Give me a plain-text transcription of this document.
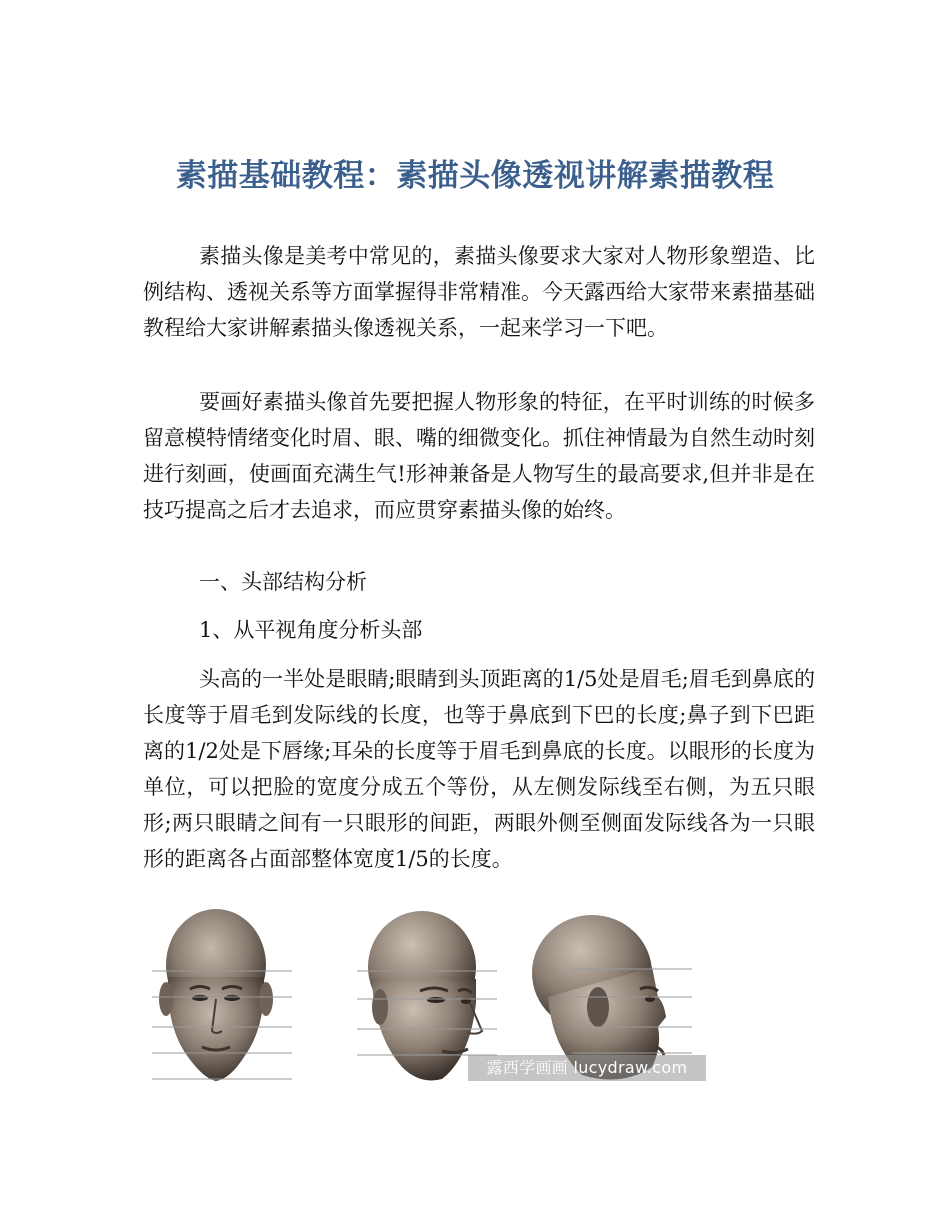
素描基础教程：素描头像透视讲解素描教程

素描头像是美考中常见的，素描头像要求大家对人物形象塑造、比例结构、透视关系等方面掌握得非常精准。今天露西给大家带来素描基础教程给大家讲解素描头像透视关系，一起来学习一下吧。

要画好素描头像首先要把握人物形象的特征，在平时训练的时候多留意模特情绪变化时眉、眼、嘴的细微变化。抓住神情最为自然生动时刻进行刻画，使画面充满生气!形神兼备是人物写生的最高要求,但并非是在技巧提高之后才去追求，而应贯穿素描头像的始终。

一、头部结构分析

1、从平视角度分析头部

头高的一半处是眼睛;眼睛到头顶距离的1/5处是眉毛;眉毛到鼻底的长度等于眉毛到发际线的长度，也等于鼻底到下巴的长度;鼻子到下巴距离的1/2处是下唇缘;耳朵的长度等于眉毛到鼻底的长度。以眼形的长度为单位，可以把脸的宽度分成五个等份，从左侧发际线至右侧，为五只眼形;两只眼睛之间有一只眼形的间距，两眼外侧至侧面发际线各为一只眼形的距离各占面部整体宽度1/5的长度。

露西学画画 lucydraw.com
